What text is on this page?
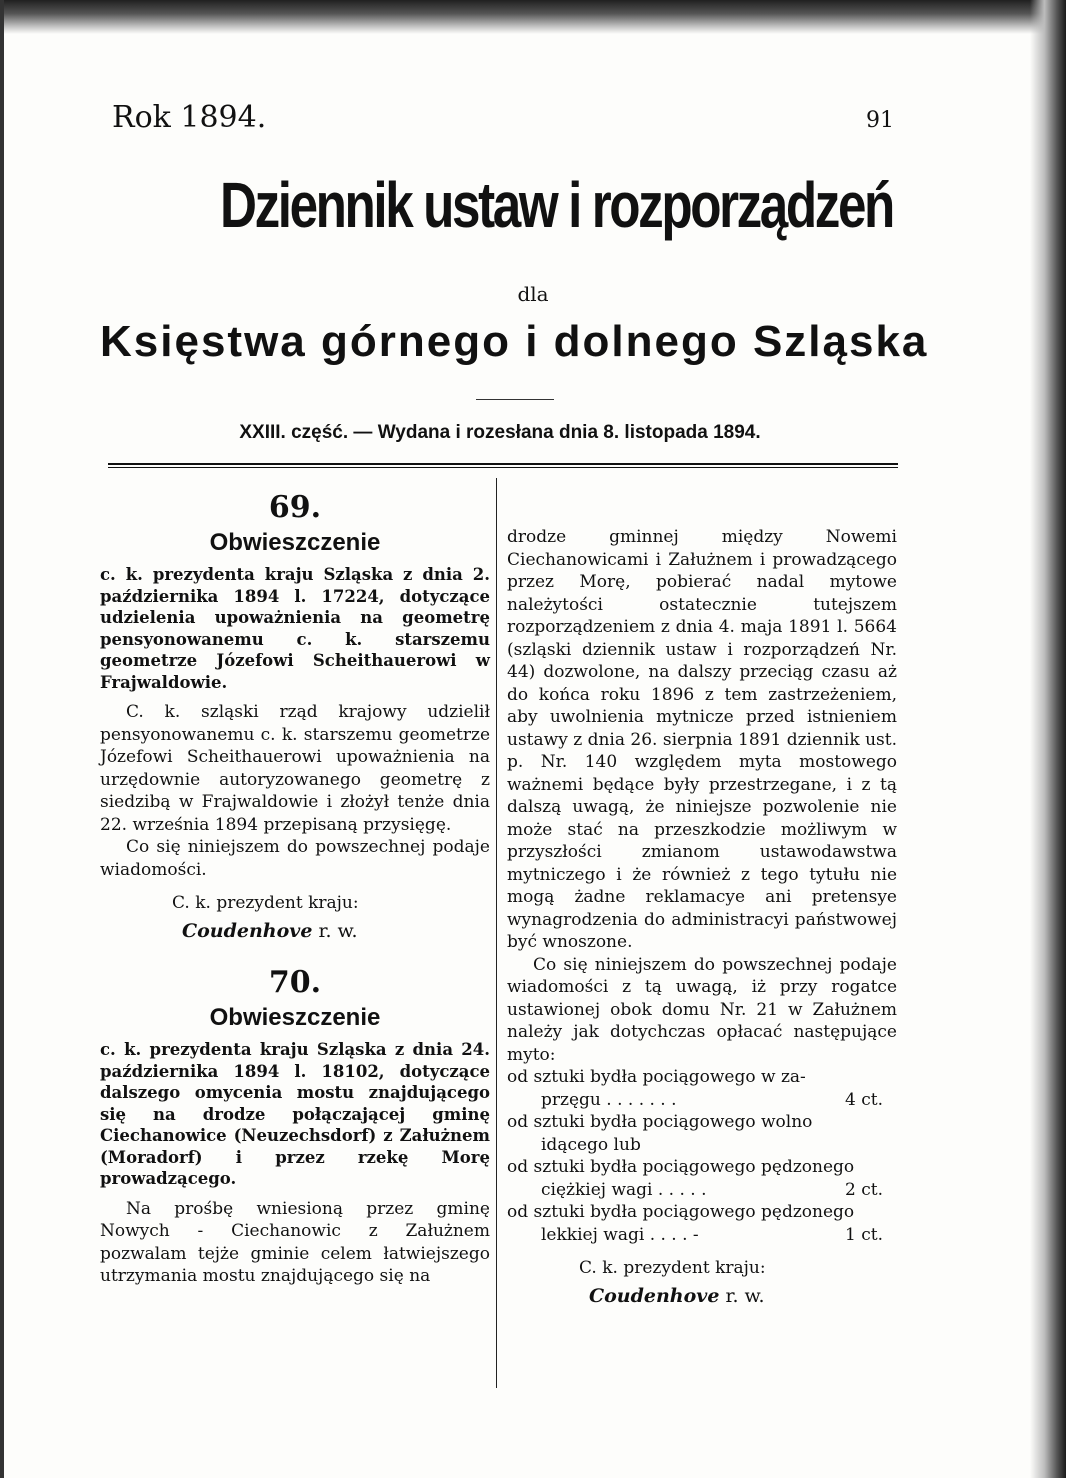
Rok 1894.	91
Dziennik ustaw i rozporządzeń
dla
Księstwa górnego i dolnego Szląska
XXIII. część. — Wydana i rozesłana dnia 8. listopada 1894.
69.
Obwieszczenie

c. k. prezydenta kraju Szląska z dnia 2. października 1894 l. 17224, dotyczące udzielenia upoważnienia na geometrę pensyonowanemu c. k. starszemu geometrze Józefowi Scheithauerowi w Frajwaldowie.

C. k. szląski rząd krajowy udzielił pensyonowanemu c. k. starszemu geometrze Józefowi Scheithauerowi upoważnienia na urzędownie autoryzowanego geometrę z siedzibą w Frajwaldowie i złożył tenże dnia 22. września 1894 przepisaną przysięgę.

Co się niniejszem do powszechnej podaje wiadomości.

C. k. prezydent kraju:

Coudenhove r. w.

70.
Obwieszczenie

c. k. prezydenta kraju Szląska z dnia 24. października 1894 l. 18102, dotyczące dalszego omycenia mostu znajdującego się na drodze połączającej gminę Ciechanowice (Neuzechsdorf) z Załużnem (Moradorf) i przez rzekę Morę prowadzącego.

Na prośbę wniesioną przez gminę Nowych - Ciechanowic z Załużnem pozwalam tejże gminie celem łatwiejszego utrzymania mostu znajdującego się na

drodze gminnej między Nowemi Ciechanowicami i Załużnem i prowadzącego przez Morę, pobierać nadal mytowe należytości ostatecznie tutejszem rozporządzeniem z dnia 4. maja 1891 l. 5664 (szląski dziennik ustaw i rozporządzeń Nr. 44) dozwolone, na dalszy przeciąg czasu aż do końca roku 1896 z tem zastrzeżeniem, aby uwolnienia mytnicze przed istnieniem ustawy z dnia 26. sierpnia 1891 dziennik ust. p. Nr. 140 względem myta mostowego ważnemi będące były przestrzegane, i z tą dalszą uwagą, że niniejsze pozwolenie nie może stać na przeszkodzie możliwym w przyszłości zmianom ustawodawstwa mytniczego i że również z tego tytułu nie mogą żadne reklamacye ani pretensye wynagrodzenia do administracyi państwowej być wnoszone.

Co się niniejszem do powszechnej podaje wiadomości z tą uwagą, iż przy rogatce ustawionej obok domu Nr. 21 w Załużnem należy jak dotychczas opłacać następujące myto:

od sztuki bydła pociągowego w za-
przęgu . . . . . . .	4 ct.
od sztuki bydła pociągowego wolno
idącego lub
od sztuki bydła pociągowego pędzonego
ciężkiej wagi . . . . .	2 ct.
od sztuki bydła pociągowego pędzonego
lekkiej wagi . . . . -	1 ct.

C. k. prezydent kraju:

Coudenhove r. w.
